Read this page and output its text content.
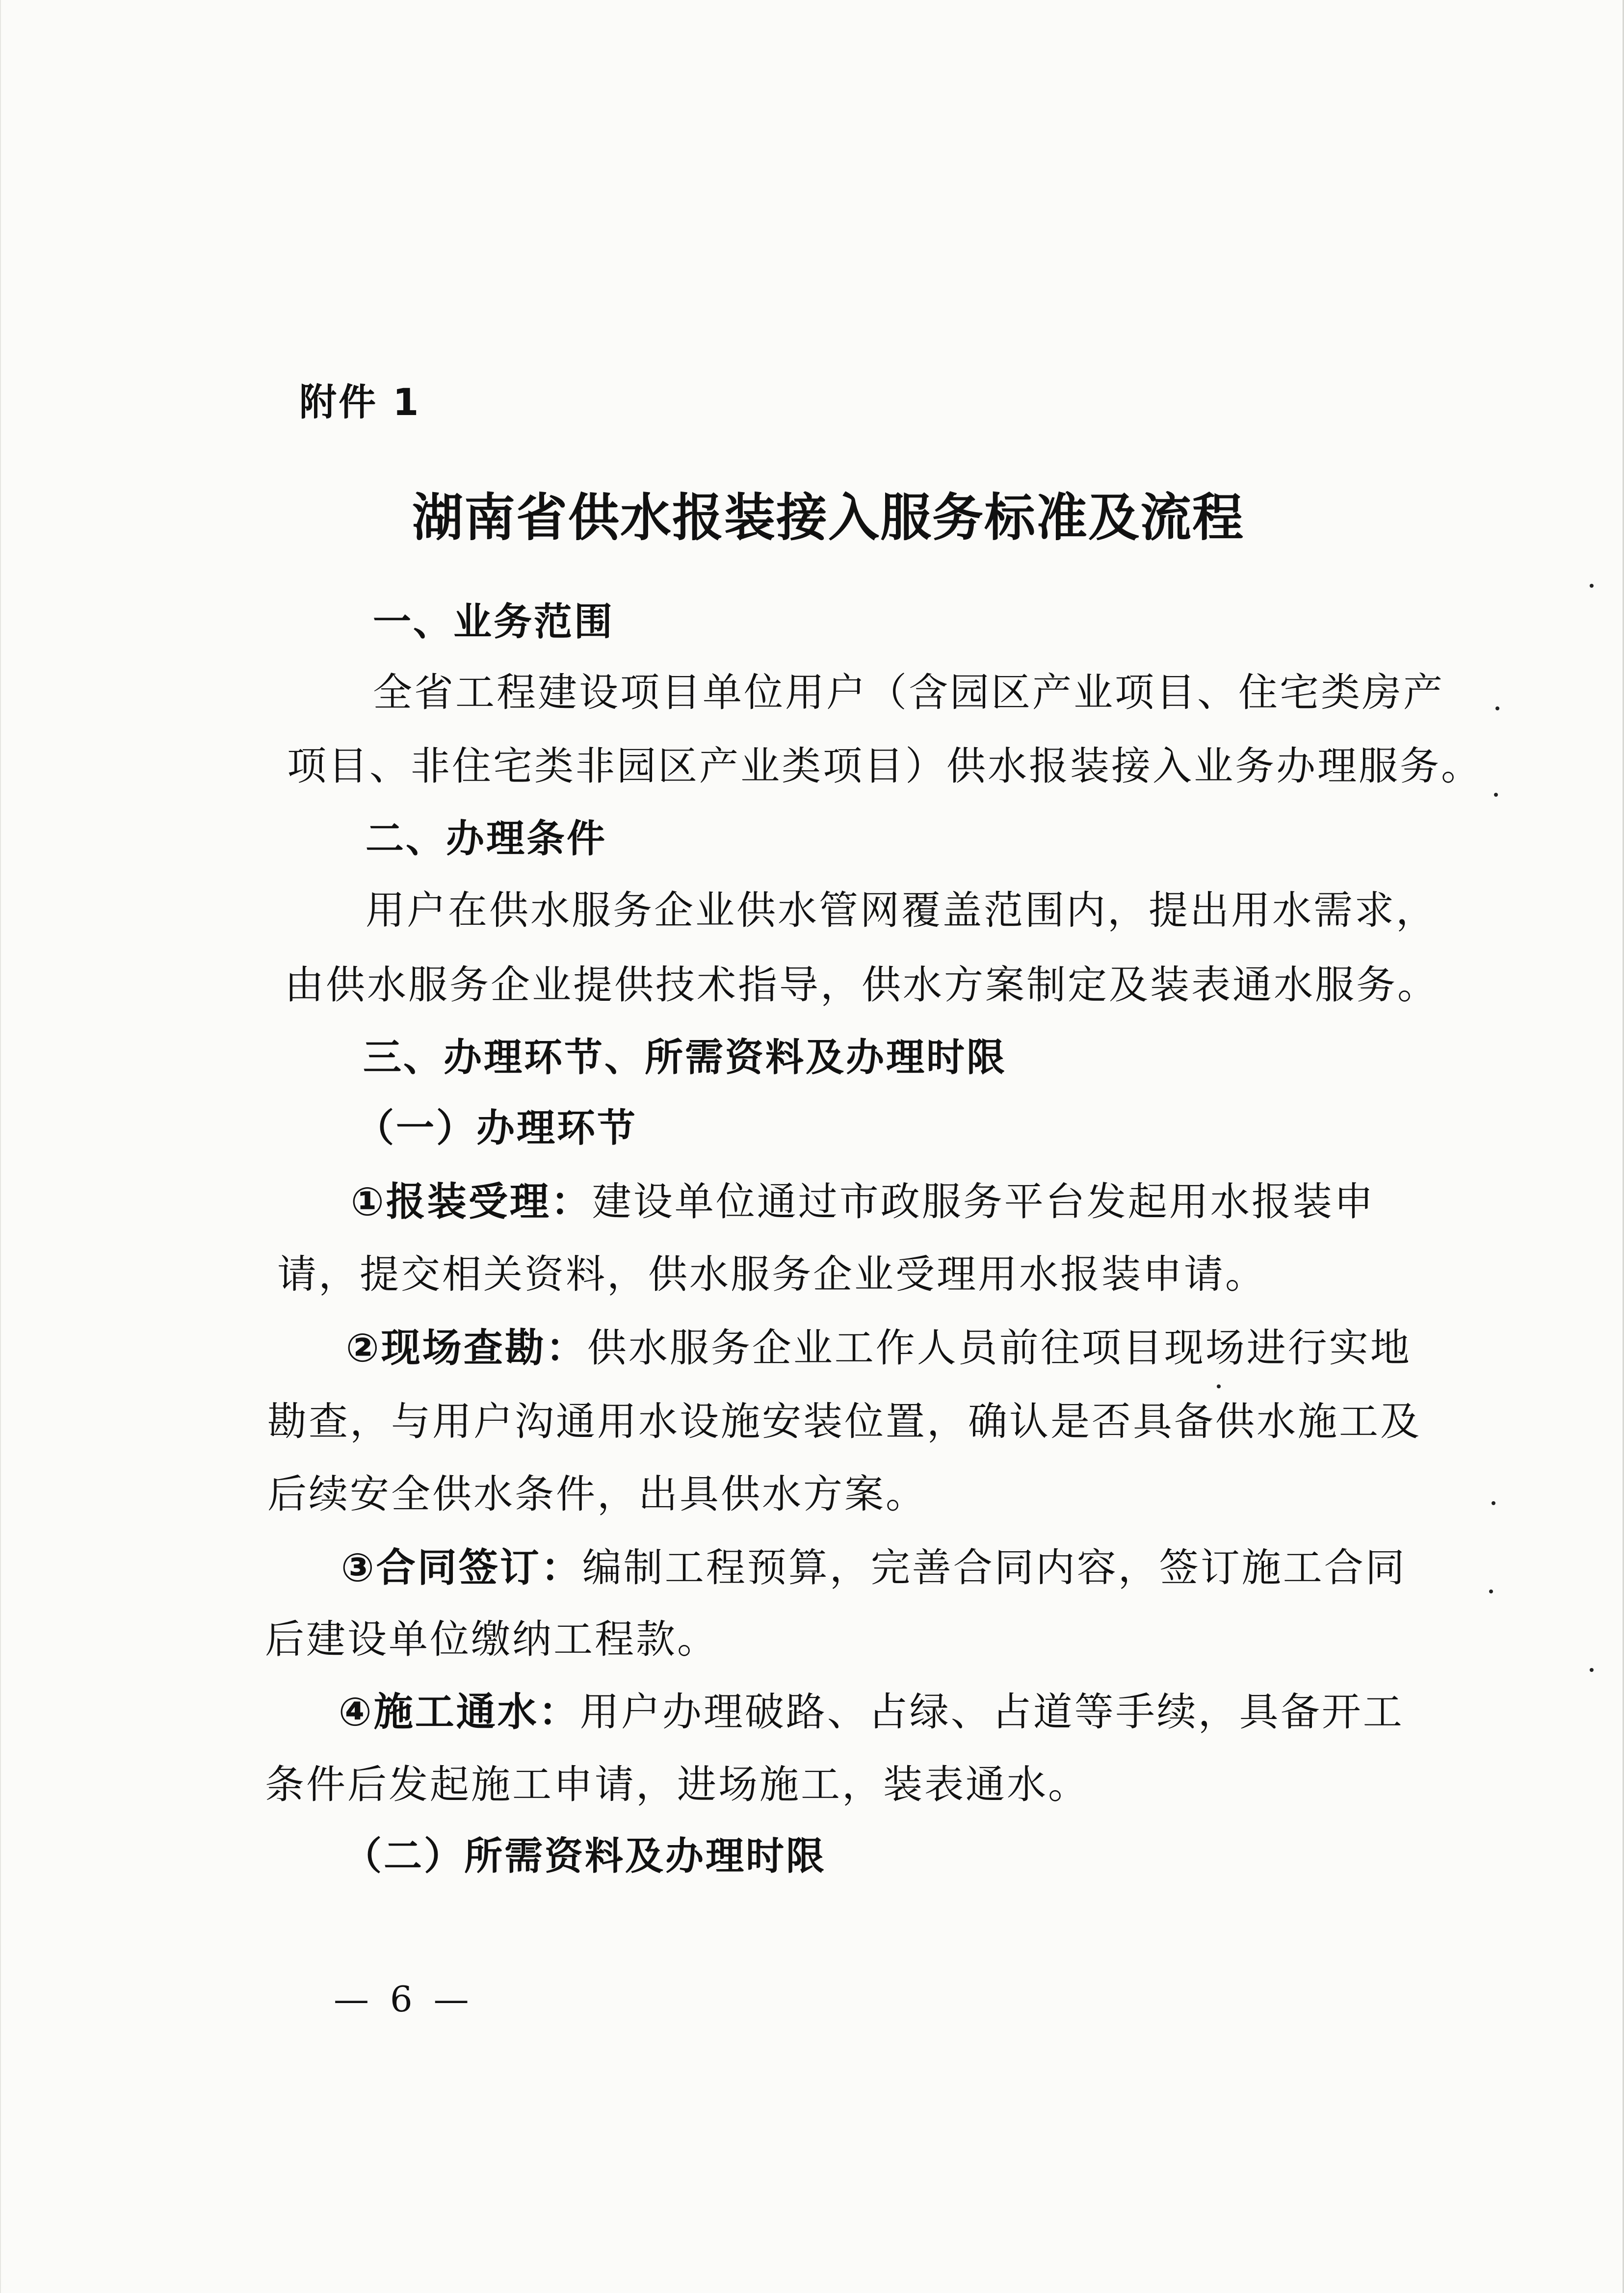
附件 1
湖南省供水报装接入服务标准及流程
一、业务范围
全省工程建设项目单位用户（含园区产业项目、住宅类房产
项目、非住宅类非园区产业类项目）供水报装接入业务办理服务。
二、办理条件
用户在供水服务企业供水管网覆盖范围内，提出用水需求，
由供水服务企业提供技术指导，供水方案制定及装表通水服务。
三、办理环节、所需资料及办理时限
（一）办理环节
①报装受理：建设单位通过市政服务平台发起用水报装申
请，提交相关资料，供水服务企业受理用水报装申请。
②现场查勘：供水服务企业工作人员前往项目现场进行实地
勘查，与用户沟通用水设施安装位置，确认是否具备供水施工及
后续安全供水条件，出具供水方案。
③合同签订：编制工程预算，完善合同内容，签订施工合同
后建设单位缴纳工程款。
④施工通水：用户办理破路、占绿、占道等手续，具备开工
条件后发起施工申请，进场施工，装表通水。
（二）所需资料及办理时限
— 6 —
